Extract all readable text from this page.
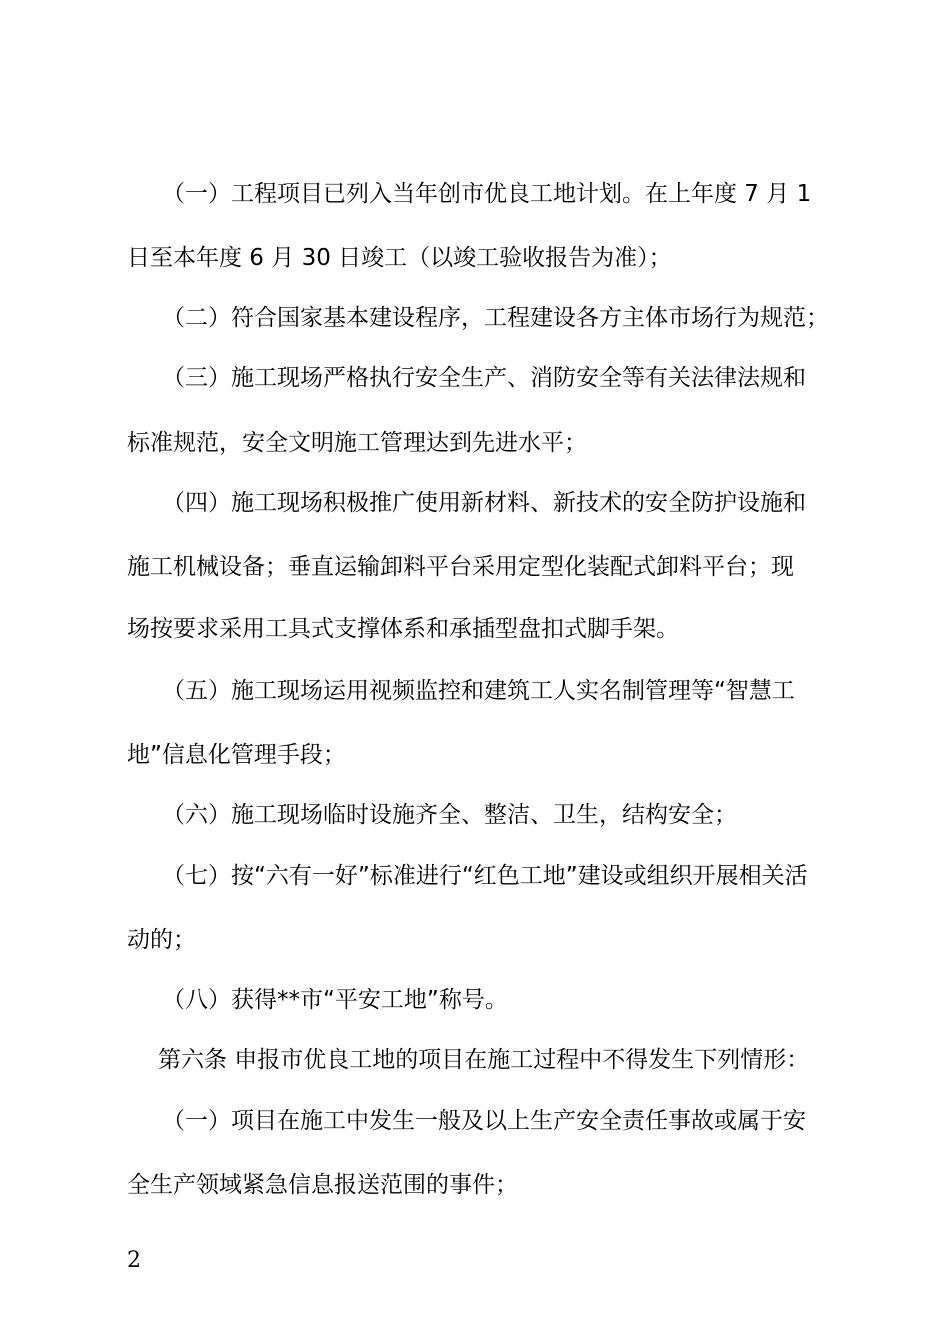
（一）工程项目已列入当年创市优良工地计划。在上年度 7 月 1
日至本年度 6 月 30 日竣工（以竣工验收报告为准）；
（二）符合国家基本建设程序，工程建设各方主体市场行为规范；
（三）施工现场严格执行安全生产、消防安全等有关法律法规和
标准规范，安全文明施工管理达到先进水平；
（四）施工现场积极推广使用新材料、新技术的安全防护设施和
施工机械设备；垂直运输卸料平台采用定型化装配式卸料平台；现
场按要求采用工具式支撑体系和承插型盘扣式脚手架。
（五）施工现场运用视频监控和建筑工人实名制管理等“智慧工
地”信息化管理手段；
（六）施工现场临时设施齐全、整洁、卫生，结构安全；
（七）按“六有一好”标准进行“红色工地”建设或组织开展相关活
动的；
（八）获得**市“平安工地”称号。
第六条 申报市优良工地的项目在施工过程中不得发生下列情形：
（一）项目在施工中发生一般及以上生产安全责任事故或属于安
全生产领域紧急信息报送范围的事件；
2
